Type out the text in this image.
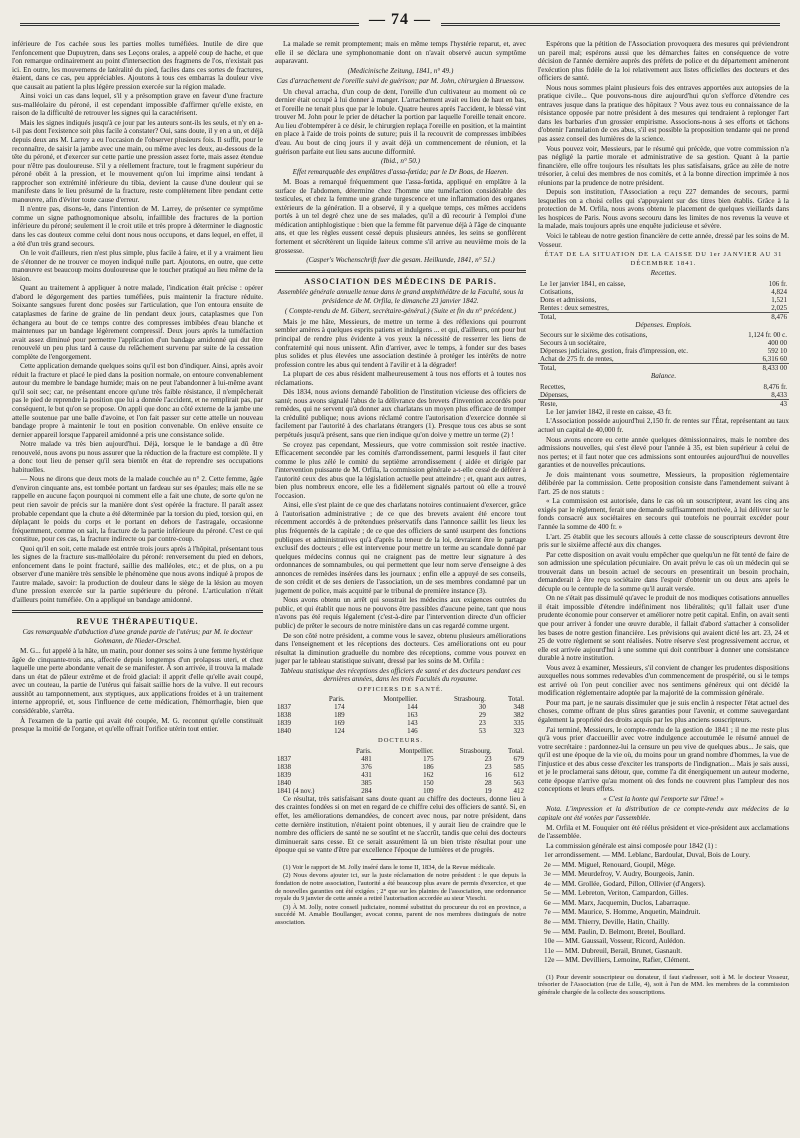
— 74 —

inférieure de l'os cachée sous les parties molles tuméfiées. Inutile de dire que l'enfoncement que Dupuytren, dans ses Leçons orales, a appelé coup de hache, et que l'on remarque ordinairement au point d'intersection des fragmens de l'os, n'existait pas ici. En outre, les mouvemens de latéralité du pied, faciles dans ces sortes de fractures, étaient, dans ce cas, peu appréciables. Ajoutons à tous ces embarras la douleur vive que causait au patient la plus légère pression exercée sur la région malade.

Ainsi voici un cas dans lequel, s'il y a présomption grave en faveur d'une fracture sus-malléolaire du péroné, il est cependant impossible d'affirmer qu'elle existe, en raison de la difficulté de retrouver les signes qui la caractérisent.

Mais les signes indiqués jusqu'à ce jour par les auteurs sont-ils les seuls, et n'y en a-t-il pas dont l'existence soit plus facile à constater? Oui, sans doute, il y en a un, et déjà depuis deux ans M. Larrey a eu l'occasion de l'observer plusieurs fois. Il suffit, pour le reconnaître, de saisir la jambe avec une main, ou même avec les deux, au-dessous de la tête du péroné, et d'exercer sur cette partie une pression assez forte, mais assez étendue pour n'être pas douloureuse. S'il y a réellement fracture, tout le fragment supérieur du péroné obéit à la pression, et le mouvement qu'on lui imprime ainsi tendant à rapprocher son extrémité inférieure du tibia, devient la cause d'une douleur qui se manifeste dans le lieu présumé de la fracture, reste complètement libre pendant cette manœuvre, afin d'éviter toute cause d'erreur.

Il n'entre pas, disons-le, dans l'intention de M. Larrey, de présenter ce symptôme comme un signe pathognomonique absolu, infaillible des fractures de la portion inférieure du péroné; seulement il le croit utile et très propre à déterminer le diagnostic dans les cas douteux comme celui dont nous nous occupons, et dans lequel, en effet, il a été d'un très grand secours.

On le voit d'ailleurs, rien n'est plus simple, plus facile à faire, et il y a vraiment lieu de s'étonner de ne trouver ce moyen indiqué nulle part. Ajoutons, en outre, que cette manœuvre est beaucoup moins douloureuse que le toucher pratiqué au lieu même de la lésion.

Quant au traitement à appliquer à notre malade, l'indication était précise : opérer d'abord le dégorgement des parties tuméfiées, puis maintenir la fracture réduite. Soixante sangsues furent donc posées sur l'articulation, que l'on entoura ensuite de cataplasmes de farine de graine de lin pendant deux jours, cataplasmes que l'on échangera au bout de ce temps contre des compresses imbibées d'eau blanche et maintenues par un bandage légèrement compressif. Deux jours après la tuméfaction avait assez diminué pour permettre l'application d'un bandage amidonné qui dut être renouvelé un peu plus tard à cause du relâchement survenu par suite de la cessation complète de l'engorgement.

Cette application demande quelques soins qu'il est bon d'indiquer. Ainsi, après avoir réduit la fracture et placé le pied dans la position normale, on entoure convenablement autour du membre le bandage humide; mais on ne peut l'abandonner à lui-même avant qu'il soit sec; car, ne présentant encore qu'une très faible résistance, il n'empêcherait pas le pied de reprendre la position que lui a donnée l'accident, et ne remplirait pas, par conséquent, le but qu'on se propose. On appli que donc au côté externe de la jambe une attelle soutenue par une balle d'avoine, et l'on fait passer sur cette attelle un nouveau bandage propre à maintenir le tout en position convenable. On enlève ensuite ce dernier appareil lorsque l'appareil amidonné a pris une consistance solide.

Notre malade va très bien aujourd'hui. Déjà, lorsque le le bandage a dû être renouvelé, nous avons pu nous assurer que la réduction de la fracture est complète. Il y a donc tout lieu de penser qu'il sera bientôt en état de reprendre ses occupations habituelles.

— Nous ne dirons que deux mots de la malade couchée au n° 2. Cette femme, âgée d'environ cinquante ans, est tombée portant un fardeau sur ses épaules; mais elle ne se rappelle en aucune façon pourquoi ni comment elle a fait une chute, de sorte qu'on ne peut rien savoir de précis sur la manière dont s'est opérée la fracture. Il paraît assez probable cependant que la chute a été déterminée par la torsion du pied, torsion qui, en déplaçant le poids du corps et le portant en dehors de l'astragale, occasionne fréquemment, comme on sait, la fracture de la partie inférieure du péroné. C'est ce qui constitue, pour ces cas, la fracture indirecte ou par contre-coup.

Quoi qu'il en soit, cette malade est entrée trois jours après à l'hôpital, présentant tous les signes de la fracture sus-malléolaire du péroné: renversement du pied en dehors, enfoncement dans le point fracturé, saillie des malléoles, etc.; et de plus, on a pu observer d'une manière très sensible le phénomène que nous avons indiqué à propos de l'autre malade, savoir: la production de douleur dans le siège de la lésion au moyen d'une pression exercée sur la partie supérieure du péroné. L'articulation n'était d'ailleurs point tuméfiée. On a appliqué un bandage amidonné.

REVUE THÉRAPEUTIQUE.
Cas remarquable d'abduction d'une grande partie de l'utérus; par M. le docteur Gohmann, de Nieder-Orschel.

M. G... fut appelé à la hâte, un matin, pour donner ses soins à une femme hystérique âgée de cinquante-trois ans, affectée depuis longtemps d'un prolapsus uteri, et chez laquelle une perte abondante venait de se manifester. À son arrivée, il trouva la malade dans un état de pâleur extrême et de froid glacial: il apprit d'elle qu'elle avait coupé, avec un couteau, la partie de l'utérus qui faisait saillie hors de la vulve. Il eut recours aussitôt au tamponnement, aux styptiques, aux applications froides et à un traitement interne approprié, et, sous l'influence de cette médication, l'hémorrhagie, bien que considérable, s'arrêta.

À l'examen de la partie qui avait été coupée, M. G. reconnut qu'elle constituait presque la moitié de l'organe, et qu'elle offrait l'orifice utérin tout entier.

La malade se remit promptement; mais en même temps l'hystérie reparut, et, avec elle il se déclara une symphonomanie dont on n'avait observé aucun symptôme auparavant.

(Medicinische Zeitung, 1841, n° 49.)
Cas d'arrachement de l'oreille suivi de guérison; par M. John, chirurgien à Bruessow.

Un cheval arracha, d'un coup de dent, l'oreille d'un cultivateur au moment où ce dernier était occupé à lui donner à manger. L'arrachement avait eu lieu de haut en bas, et l'oreille ne tenait plus que par le lobule. Quatre heures après l'accident, le blessé vint trouver M. John pour le prier de détacher la portion par laquelle l'oreille tenait encore. Au lieu d'obtempérer à ce désir, le chirurgien replaça l'oreille en position, et la maintint en place à l'aide de trois points de suture; puis il la recouvrit de compresses imbibées d'eau. Au bout de cinq jours il y avait déjà un commencement de réunion, et la guérison parfaite eut lieu sans aucune difformité.

(Ibid., n° 50.)
Effet remarquable des emplâtres d'assa-fœtida; par le Dr Boas, de Haeren.

M. Boas a remarqué fréquemment que l'assa-fœtida, appliqué en emplâtre à la surface de l'abdomen, détermine chez l'homme une tuméfaction considérable des testicules, et chez la femme une grande turgescence et une inflammation des organes extérieurs de la génération. Il a observé, il y a quelque temps, ces mêmes accidens portés à un tel degré chez une de ses malades, qu'il a dû recourir à l'emploi d'une médication antiphlogistique : bien que la femme fût parvenue déjà à l'âge de cinquante ans, et que les règles eussent cessé depuis plusieurs années, les seins se gonflèrent fortement et sécrétèrent un liquide laiteux comme s'il arrive au neuvième mois de la grossesse.

(Casper's Wochenschrift fuer die gesam. Heilkunde, 1841, n° 51.)
ASSOCIATION DES MÉDECINS DE PARIS.
Assemblée générale annuelle tenue dans le grand amphithéâtre de la Faculté, sous la présidence de M. Orfila, le dimanche 23 janvier 1842.
( Compte-rendu de M. Gibert, secrétaire-général.) (Suite et fin du n° précédent.)

Mais je me hâte, Messieurs, de mettre un terme à des réflexions qui pourront sembler amères à quelques esprits patiens et indulgens ... et qui, d'ailleurs, ont pour but principal de rendre plus évidente à vos yeux la nécessité de resserrer les liens de confraternité qui nous unissent. Afin d'arriver, avec le temps, à fonder sur des bases plus solides et plus élevées une association destinée à protéger les intérêts de notre profession contre les abus qui tendent à l'avilir et à la dégrader!

La plupart de ces abus résident malheureusement à tous nos efforts et à toutes nos réclamations.

Dès 1834, nous avions demandé l'abolition de l'institution vicieuse des officiers de santé; nous avons signalé l'abus de la délivrance des brevets d'invention accordés pour remèdes, qui ne servent qu'à donner aux charlatans un moyen plus efficace de tromper la crédulité publique; nous avions réclamé contre l'autorisation d'exercice donnée si facilement par l'autorité à des charlatans étrangers (1). Presque tous ces abus se sont perpétués jusqu'à présent, sans que rien indique qu'on doive y mettre un terme (2) !

Se croyez pas cependant, Messieurs, que votre commission soit restée inactive. Efficacement secondée par les comités d'arrondissement, parmi lesquels il faut citer comme le plus zélé le comité du septième arrondissement ( aidée et dirigée par l'intervention puissante de M. Orfila, la commission générale a-t-elle cessé de déférer à l'autorité ceux des abus que la législation actuelle peut atteindre ; et, quant aux autres, bien plus nombreux encore, elle les a fidèlement signalés partout où elle a trouvé l'occasion.

Ainsi, elle s'est plaint de ce que des charlatans notoires continuaient d'exercer, grâce à l'autorisation administrative ; de ce que des brevets avaient été encore tout récemment accordés à de prétendues préservatifs dans l'annonce saillit les lieux les plus fréquentés de la capitale ; de ce que des officiers de santé usurpent des fonctions publiques et administratives qu'à d'après la teneur de la loi, devraient être le partage exclusif des docteurs ; elle est intervenue pour mettre un terme au scandale donné par quelques médecins connus qui ne craignent pas de mettre leur signature à des ordonnances de somnambules, ou qui permettent que leur nom serve d'enseigne à des annonces de remèdes insérées dans les journaux ; enfin elle a appuyé de ses conseils, de son crédit et de ses deniers de l'association, un de ses membres condamné par un jugement de police, mais acquitté par le tribunal de première instance (3).

Nous avons obtenu un arrêt qui soustrait les médecins aux exigences outrées du public, et qui établit que nous ne pouvons être passibles d'aucune peine, tant que nous n'avons pas été requis légalement (c'est-à-dire par l'intervention directe d'un officier public) de prêter le secours de notre ministère dans un cas regardé comme urgent.

De son côté notre président, a comme vous le savez, obtenu plusieurs améliorations dans l'enseignement et les réceptions des docteurs. Ces améliorations ont eu pour résultat la diminution graduelle du nombre des réceptions, comme vous pouvez en juger par le tableau statistique suivant, dressé par les soins de M. Orfila :

Tableau statistique des réceptions des officiers de santé et des docteurs pendant ces dernières années, dans les trois Facultés du royaume.
OFFICIERS DE SANTÉ.
	Paris.	Montpellier.	Strasbourg.	Total.
1837	174	144	30	348
1838	189	163	29	382
1839	169	143	23	335
1840	124	146	53	323
DOCTEURS.
	Paris.	Montpellier.	Strasbourg.	Total.
1837	481	175	23	679
1838	376	186	23	585
1839	431	162	16	612
1840	385	150	28	563
1841 (4 nov.)	284	109	19	412

Ce résultat, très satisfaisant sans doute quant au chiffre des docteurs, donne lieu à des craintes fondées si on met en regard de ce chiffre celui des officiers de santé. Si, en effet, les améliorations demandées, de concert avec nous, par notre président, dans cette dernière institution, n'étaient point obtenues, il y aurait lieu de craindre que le nombre des officiers de santé ne se soutînt et ne s'accrût, tandis que celui des docteurs diminuerait sans cesse. Et ce serait assurément là un bien triste résultat pour une époque qui se vante d'être par excellence l'époque de lumières et de progrès.

(1) Voir le rapport de M. Jolly inséré dans le tome II, 1834, de la Revue médicale.

(2) Nous devons ajouter ici, sur la juste réclamation de notre président : le que depuis la fondation de notre association, l'autorité a été beaucoup plus avare de permis d'exercice, et que de nouvelles garanties ont été exigées ; 2° que sur les plaintes de l'association, une ordonnance royale du 9 janvier de cette année a retiré l'autorisation accordée au sieur Vieschi.

(3) À M. Jolly, notre conseil judiciaire, nommé substitut du procureur du roi en province, a succédé M. Amable Boullanger, avocat connu, parent de nos membres distingués de notre association.

Espérons que la pétition de l'Association provoquera des mesures qui préviendront un pareil mal; espérons aussi que les démarches faites en conséquence de votre décision de l'année dernière auprès des préfets de police et du département amèneront l'exécution plus fidèle de la loi relativement aux listes officielles des docteurs et des officiers de santé.

Nous nous sommes plaint plusieurs fois des entraves apportées aux autopsies de la pratique civile... Que pouvons-nous dire aujourd'hui qu'on s'efforce d'étendre ces entraves jusque dans la pratique des hôpitaux ? Vous avez tous eu connaissance de la résistance opposée par notre président à des mesures qui tendraient à replonger l'art dans les barbaries d'un grossier empirisme. Associons-nous à ses efforts et tâchons d'obtenir l'annulation de ces abus, s'il est possible la proposition tendante qui ne prend pas assez conseil des lumières de la science.

Vous pouvez voir, Messieurs, par le résumé qui précède, que votre commission n'a pas négligé la partie morale et administrative de sa gestion. Quant à la partie financière, elle offre toujours les résultats les plus satisfaisans, grâce au zèle de notre trésorier, à celui des membres de nos comités, et à la bonne direction imprimée à nos réunions par la prudence de notre président.

Depuis son institution, l'Association a reçu 227 demandes de secours, parmi lesquelles on a choisi celles qui s'appuyaient sur des titres bien établis. Grâce à la protection de M. Orfila, nous avons obtenu le placement de quelques vieillards dans les hospices de Paris. Nous avons secouru dans les limites de nos revenus la veuve et la malade, mais toujours après une enquête judicieuse et sévère.

Voici le tableau de notre gestion financière de cette année, dressé par les soins de M. Vosseur.

ÉTAT DE LA SITUATION DE LA CAISSE DU 1er JANVIER AU 31 DÉCEMBRE 1841.
Recettes.
Le 1er janvier 1841, en caisse,	106 fr.
Cotisations,	4,824
Dons et admissions,	1,521
Rentes : deux semestres,	2,025
Total,	8,476
Dépenses. Emplois.
Secours sur le sixième des cotisations,	1,124 fr. 00 c.
Secours à un sociétaire,	400 00
Dépenses judiciaires, gestion, frais d'impression, etc.	592 10
Achat de 275 fr. de rentes,	6,316 60
Total,	8,433 00
Balance.
Recettes,	8,476 fr.
Dépenses,	8,433
Reste,	43

Le 1er janvier 1842, il reste en caisse, 43 fr.

L'Association possède aujourd'hui 2,150 fr. de rentes sur l'État, représentant au taux actuel un capital de 40,000 fr.

Nous avons encore eu cette année quelques démissionnaires, mais le nombre des admissions nouvelles, qui s'est élevé pour l'année à 35, est bien supérieur à celui de nos pertes; et il faut noter que ces admissions sont entourées aujourd'hui de nouvelles garanties et de nouvelles précautions.

Je dois maintenant vous soumettre, Messieurs, la proposition réglementaire délibérée par la commission. Cette proposition consiste dans l'amendement suivant à l'art. 25 de nos statuts :

« La commission est autorisée, dans le cas où un souscripteur, avant les cinq ans exigés par le règlement, ferait une demande suffisamment motivée, à lui délivrer sur le fonds consacré aux sociétaires en secours qui toutefois ne pourrait excéder pour l'année la somme de 400 fr. »

L'art. 25 établit que les secours alloués à cette classe de souscripteurs devront être pris sur le sixième affecté aux dix changes.

Par cette disposition on avait voulu empêcher que quelqu'un ne fût tenté de faire de son admission une spéculation pécuniaire. On avait prévu le cas où un médecin qui se trouverait dans un besoin actuel de secours en presentirait un besoin prochain, demanderait à être reçu sociétaire dans l'espoir d'obtenir un ou deux ans après le décuple ou le centuple de la somme qu'il aurait versée.

On ne s'était pas dissimulé qu'avec le produit de nos modiques cotisations annuelles il était impossible d'étendre indéfiniment nos libéralités; qu'il fallait user d'une prudente économie pour conserver et améliorer notre petit capital. Enfin, on avait senti que pour arriver à fonder une œuvre durable, il fallait d'abord s'attacher à consolider les bases de notre gestion financière. Les prévisions qui avaient dicté les art. 23, 24 et 25 de votre règlement se sont réalisées. Notre réserve s'est progressivement accrue, et elle est arrivée aujourd'hui à une somme qui doit contribuer à donner une consistance durable à notre institution.

Vous avez à examiner, Messieurs, s'il convient de changer les prudentes dispositions auxquelles nous sommes redevables d'un commencement de prospérité, ou si le temps est arrivé où l'on peut concilier avec nos sentimens généreux qui ont décidé la modification réglementaire adoptée par la majorité de la commission générale.

Pour ma part, je ne saurais dissimuler que je suis enclin à respecter l'état actuel des choses, comme offrant de plus sûres garanties pour l'avenir, et comme sauvegardant également la propriété des droits acquis par les plus anciens souscripteurs.

J'ai terminé, Messieurs, le compte-rendu de la gestion de 1841 ; il ne me reste plus qu'à vous prier d'accueillir avec votre indulgence accoutumée le résumé annuel de votre secrétaire : pardonnez-lui la censure un peu vive de quelques abus... Je sais, que qu'il est une époque de la vie où, du moins pour un grand nombre d'hommes, la vue de l'injustice et des abus cesse d'exciter les transports de l'indignation... Mais je sais aussi, et je le proclamerai sans détour, que, comme l'a dit énergiquement un auteur moderne, cette époque n'arrive qu'au moment où des fonds ne couvrent plus l'ampleur des nos conceptions et leurs effets.

« C'est la honte qui l'emporte sur l'âme! »

Nota. L'impression et la distribution de ce compte-rendu aux médecins de la capitale ont été votées par l'assemblée.

M. Orfila et M. Fouquier ont été réélus président et vice-président aux acclamations de l'assemblée.

La commission générale est ainsi composée pour 1842 (1) :

1er arrondissement. — MM. Leblanc, Bardoulat, Duval, Bois de Loury.

2e — MM. Miguel, Renouard, Goupil, Mège.

3e — MM. Meurdefroy, V. Audry, Bourgeois, Janin.

4e — MM. Grollée, Godard, Pillon, Ollivier (d'Angers).

5e — MM. Lebreton, Veriton, Campardon, Gilles.

6e — MM. Marx, Jacquemin, Duclos, Labarraque.

7e — MM. Maurice, S. Homme, Anquetin, Maindruit.

8e — MM. Thierry, Deville, Hatin, Chailly.

9e — MM. Paulin, D. Belmont, Bretel, Boullard.

10e — MM. Gaussail, Vosseur, Ricord, Aulédon.

11e — MM. Dubreuil, Berail, Brunet, Gasnault.

12e — MM. Devilliers, Lemoine, Rafier, Clément.

(1) Pour devenir souscripteur ou donateur, il faut s'adresser, soit à M. le docteur Vosseur, trésorier de l'Association (rue de Lille, 4), soit à l'un de MM. les membres de la commission générale chargée de la collecte des souscriptions.
